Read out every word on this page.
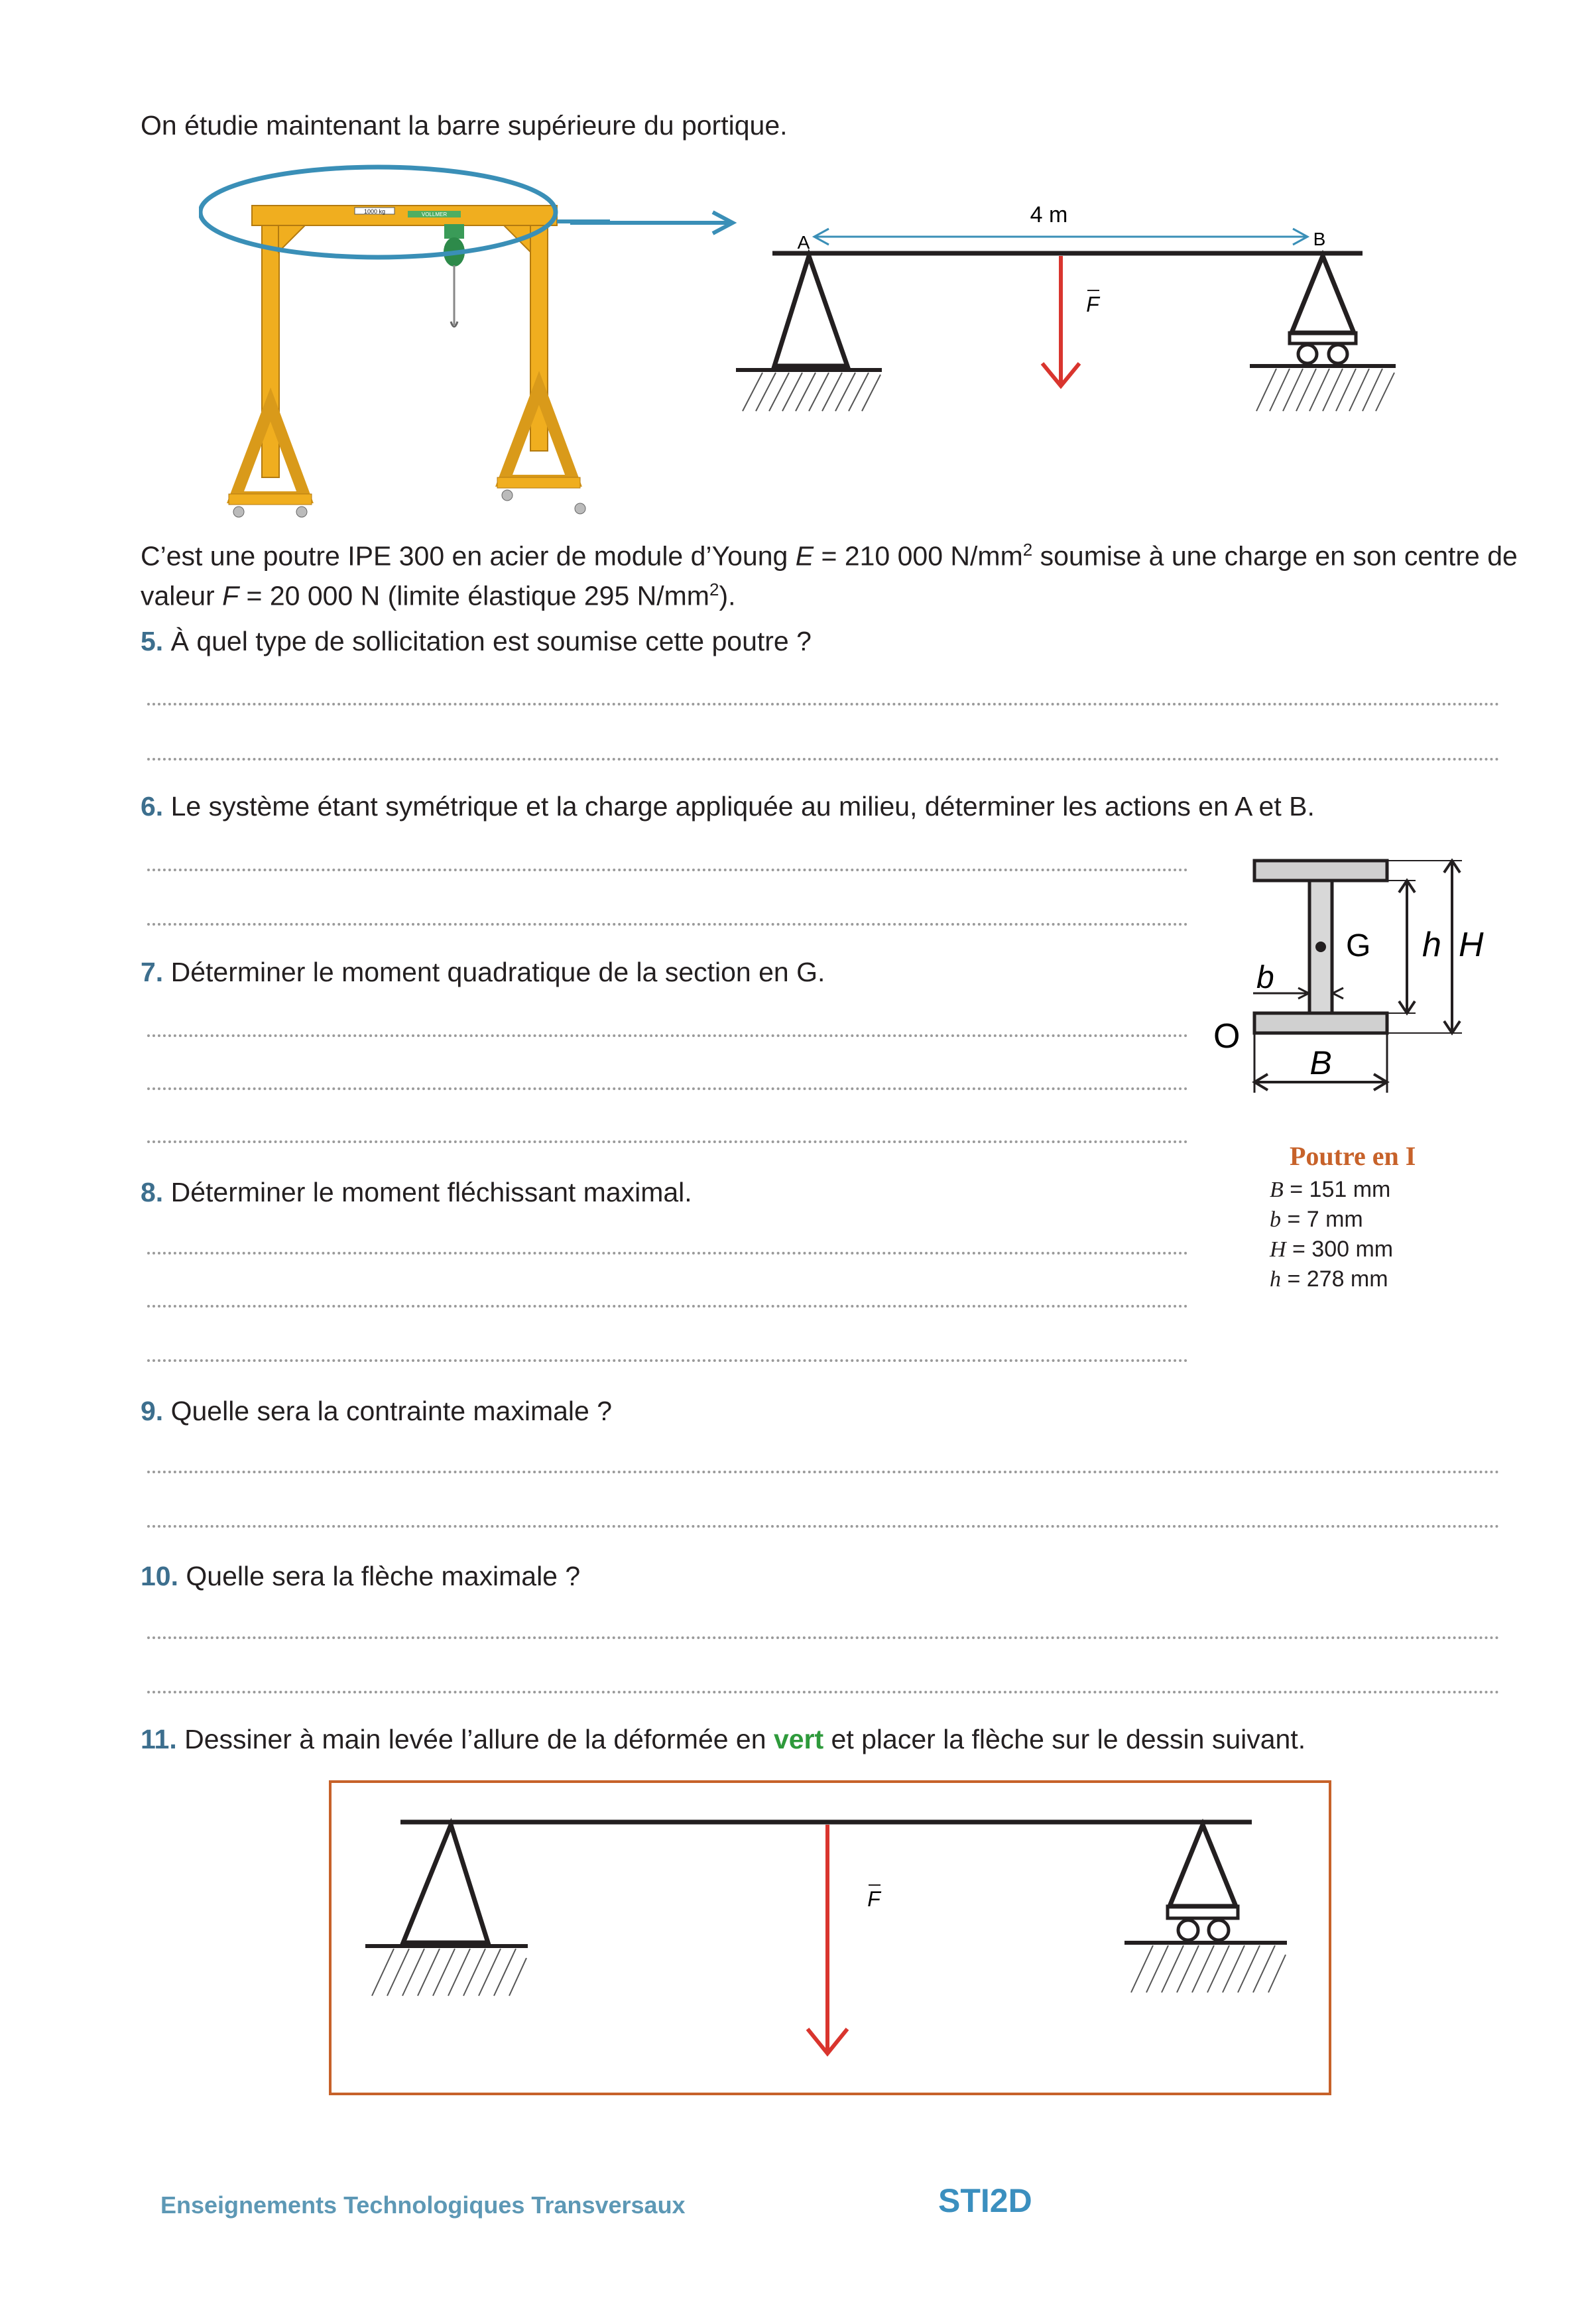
On étudie maintenant la barre supérieure du portique.
1000 kg	VOLLMER	4 m
A	B
F
C’est une poutre IPE 300 en acier de module d’Young E = 210 000 $N/mm^2$ soumise à une charge en son centre de
valeur F = 20 000 N (limite élastique 295 $N/mm^2$).
5. À quel type de sollicitation est soumise cette poutre ?
6. Le système étant symétrique et la charge appliquée au milieu, déterminer les actions en A et B.
7. Déterminer le moment quadratique de la section en G.
8. Déterminer le moment fléchissant maximal.
G
b
h H
O
B
Poutre en I
B = 151 mm
b = 7 mm
H = 300 mm
h = 278 mm
9. Quelle sera la contrainte maximale ?
10. Quelle sera la flèche maximale ?
11. Dessiner à main levée l’allure de la déformée en vert et placer la flèche sur le dessin suivant.
F
Enseignements Technologiques Transversaux	STI2D
